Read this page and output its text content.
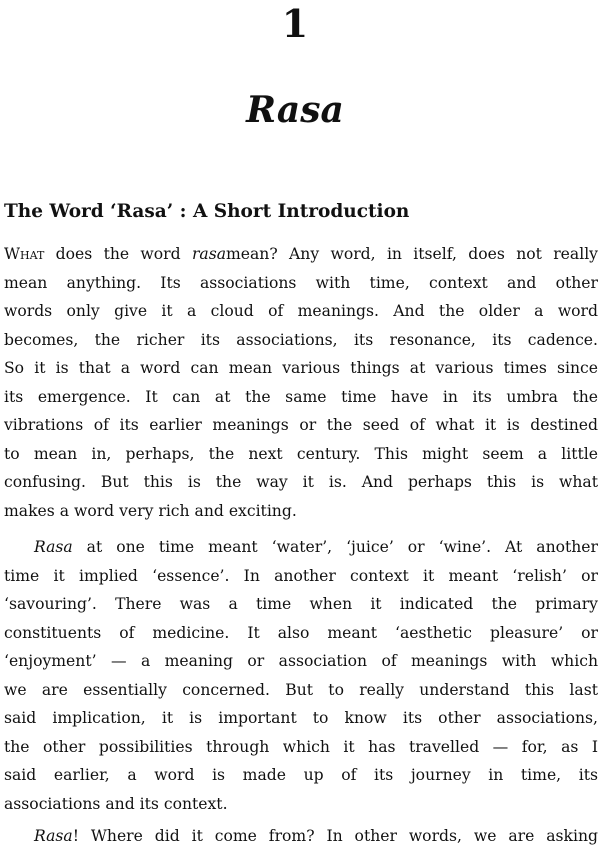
1
Rasa
The Word ‘Rasa’ : A Short Introduction
What does the word rasamean? Any word, in itself, does not really
mean anything. Its associations with time, context and other
words only give it a cloud of meanings. And the older a word
becomes, the richer its associations, its resonance, its cadence.
So it is that a word can mean various things at various times since
its emergence. It can at the same time have in its umbra the
vibrations of its earlier meanings or the seed of what it is destined
to mean in, perhaps, the next century. This might seem a little
confusing. But this is the way it is. And perhaps this is what
makes a word very rich and exciting.
Rasa at one time meant ‘water’, ‘juice’ or ‘wine’. At another
time it implied ‘essence’. In another context it meant ‘relish’ or
‘savouring’. There was a time when it indicated the primary
constituents of medicine. It also meant ‘aesthetic pleasure’ or
‘enjoyment’ — a meaning or association of meanings with which
we are essentially concerned. But to really understand this last
said implication, it is important to know its other associations,
the other possibilities through which it has travelled — for, as I
said earlier, a word is made up of its journey in time, its
associations and its context.
Rasa! Where did it come from? In other words, we are asking
